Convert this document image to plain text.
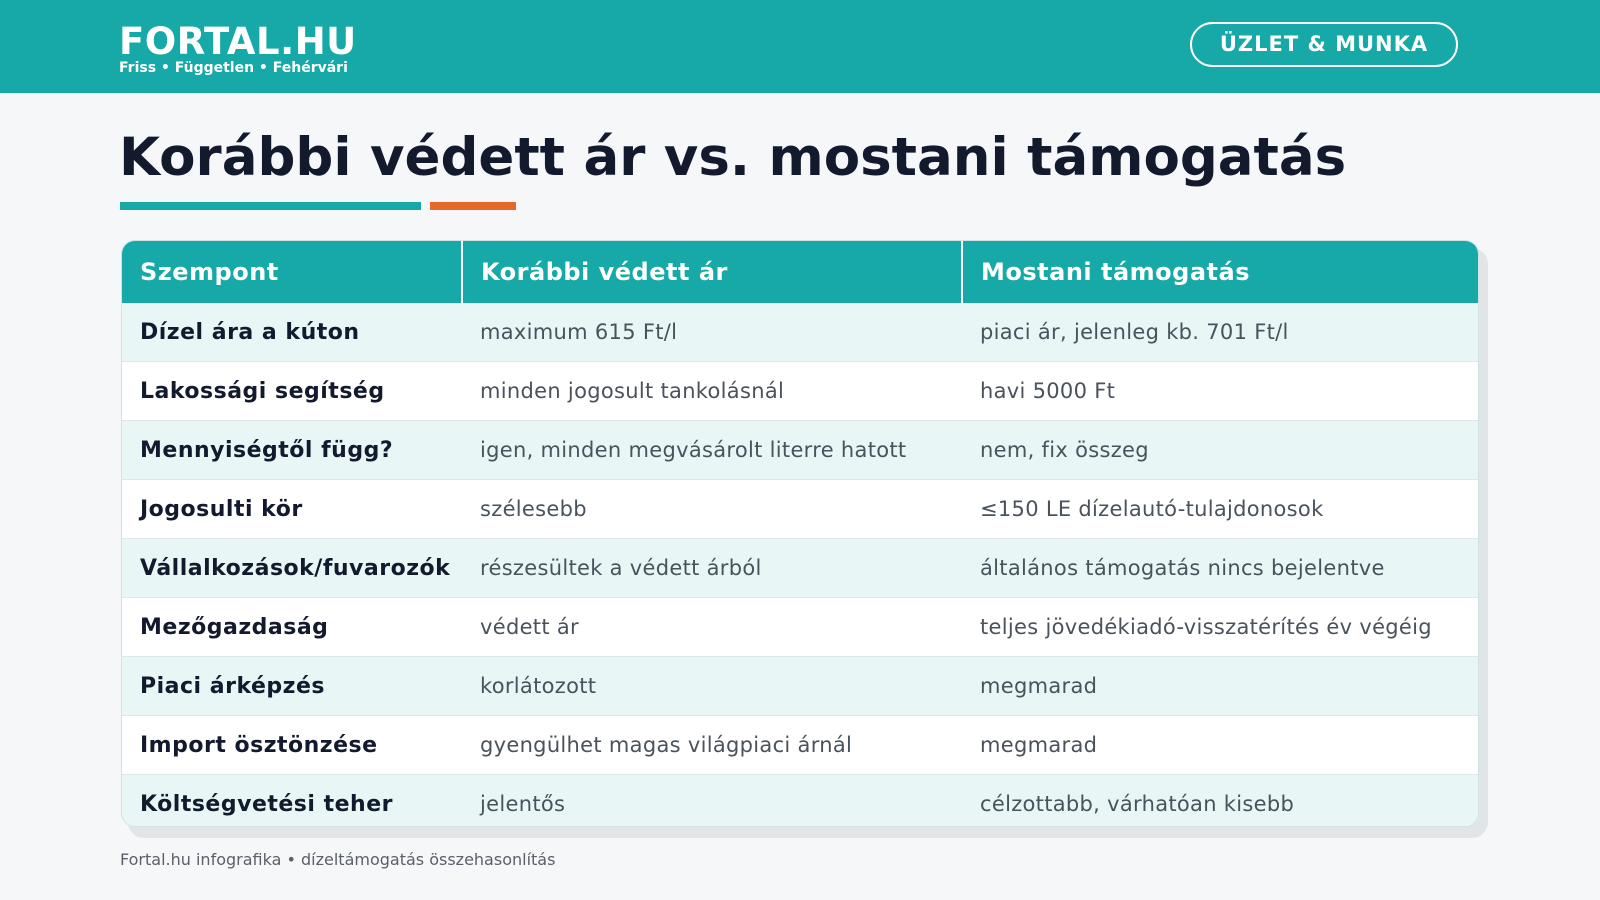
FORTAL.HU
Friss • Független • Fehérvári
ÜZLET & MUNKA
Korábbi védett ár vs. mostani támogatás
Szempont	Korábbi védett ár	Mostani támogatás
Dízel ára a kúton	maximum 615 Ft/l	piaci ár, jelenleg kb. 701 Ft/l
Lakossági segítség	minden jogosult tankolásnál	havi 5000 Ft
Mennyiségtől függ?	igen, minden megvásárolt literre hatott	nem, fix összeg
Jogosulti kör	szélesebb	≤150 LE dízelautó-tulajdonosok
Vállalkozások/fuvarozók	részesültek a védett árból	általános támogatás nincs bejelentve
Mezőgazdaság	védett ár	teljes jövedékiadó-visszatérítés év végéig
Piaci árképzés	korlátozott	megmarad
Import ösztönzése	gyengülhet magas világpiaci árnál	megmarad
Költségvetési teher	jelentős	célzottabb, várhatóan kisebb
Fortal.hu infografika • dízeltámogatás összehasonlítás
